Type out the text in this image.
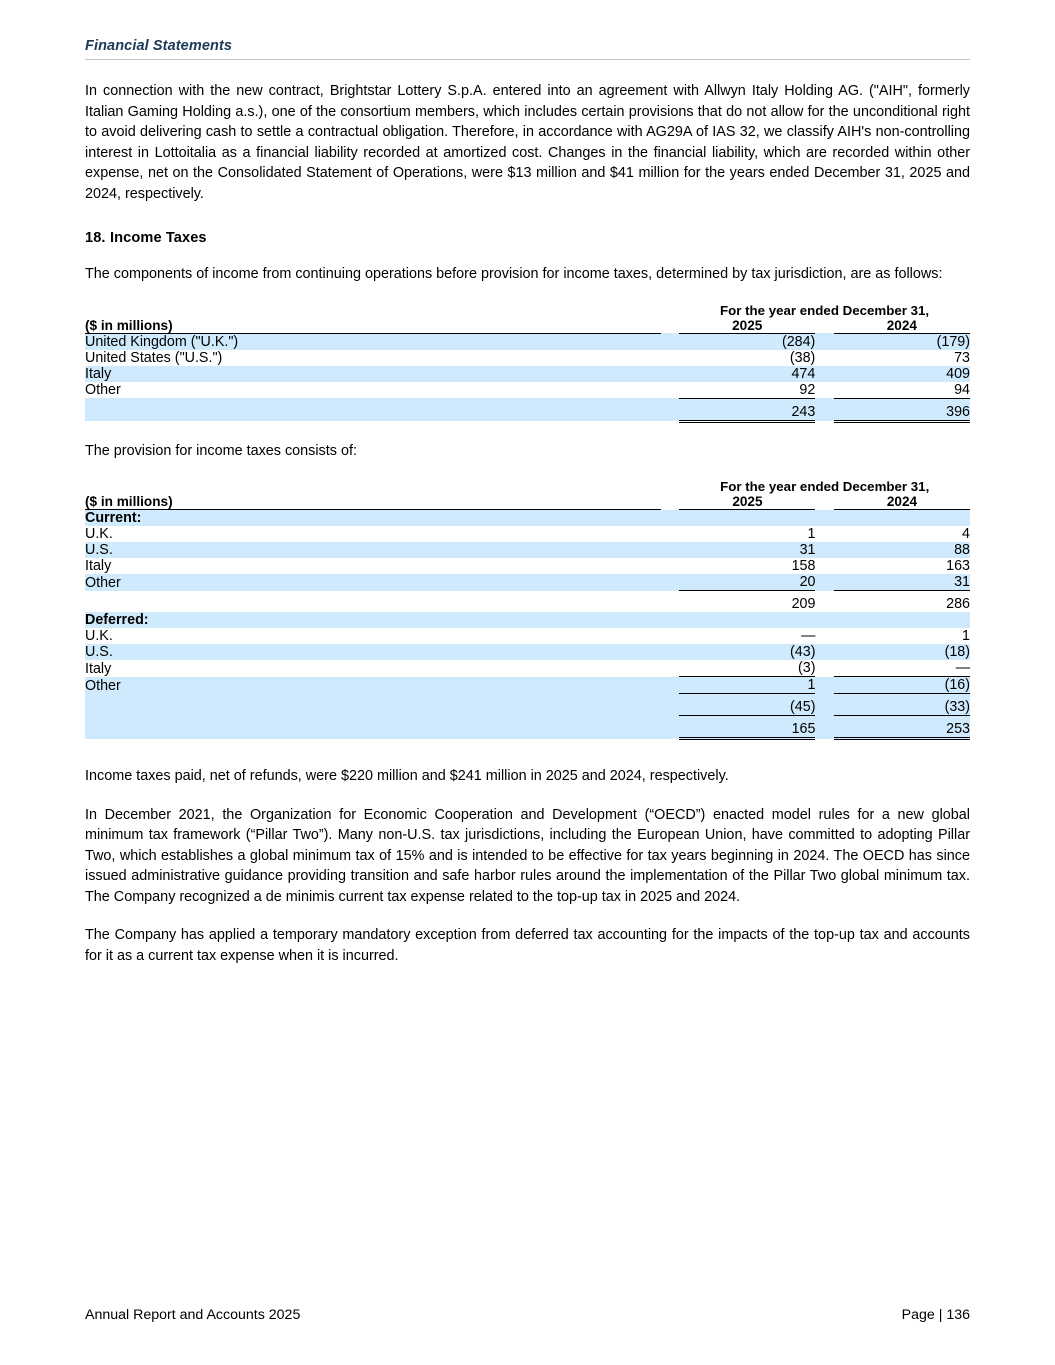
Financial Statements

In connection with the new contract, Brightstar Lottery S.p.A. entered into an agreement with Allwyn Italy Holding AG. ("AIH", formerly Italian Gaming Holding a.s.), one of the consortium members, which includes certain provisions that do not allow for the unconditional right to avoid delivering cash to settle a contractual obligation. Therefore, in accordance with AG29A of IAS 32, we classify AIH's non-controlling interest in Lottoitalia as a financial liability recorded at amortized cost. Changes in the financial liability, which are recorded within other expense, net on the Consolidated Statement of Operations, were $13 million and $41 million for the years ended December 31, 2025 and 2024, respectively.

18. Income Taxes

The components of income from continuing operations before provision for income taxes, determined by tax jurisdiction, are as follows:

		For the year ended December 31,		
($ in millions)		2025		2024
United Kingdom ("U.K.")		(284)		(179)
United States ("U.S.")		(38)		73
Italy		474		409
Other		92		94
		243		396

The provision for income taxes consists of:

		For the year ended December 31,		
($ in millions)		2025		2024
Current:				
U.K.		1		4
U.S.		31		88
Italy		158		163
Other		20		31
		209		286
Deferred:				
U.K.		—		1
U.S.		(43)		(18)
Italy		(3)		—
Other		1		(16)
		(45)		(33)
		165		253

Income taxes paid, net of refunds, were $220 million and $241 million in 2025 and 2024, respectively.

In December 2021, the Organization for Economic Cooperation and Development (“OECD”) enacted model rules for a new global minimum tax framework (“Pillar Two”). Many non-U.S. tax jurisdictions, including the European Union, have committed to adopting Pillar Two, which establishes a global minimum tax of 15% and is intended to be effective for tax years beginning in 2024. The OECD has since issued administrative guidance providing transition and safe harbor rules around the implementation of the Pillar Two global minimum tax. The Company recognized a de minimis current tax expense related to the top-up tax in 2025 and 2024.

The Company has applied a temporary mandatory exception from deferred tax accounting for the impacts of the top-up tax and accounts for it as a current tax expense when it is incurred.

Annual Report and Accounts 2025	Page | 136
